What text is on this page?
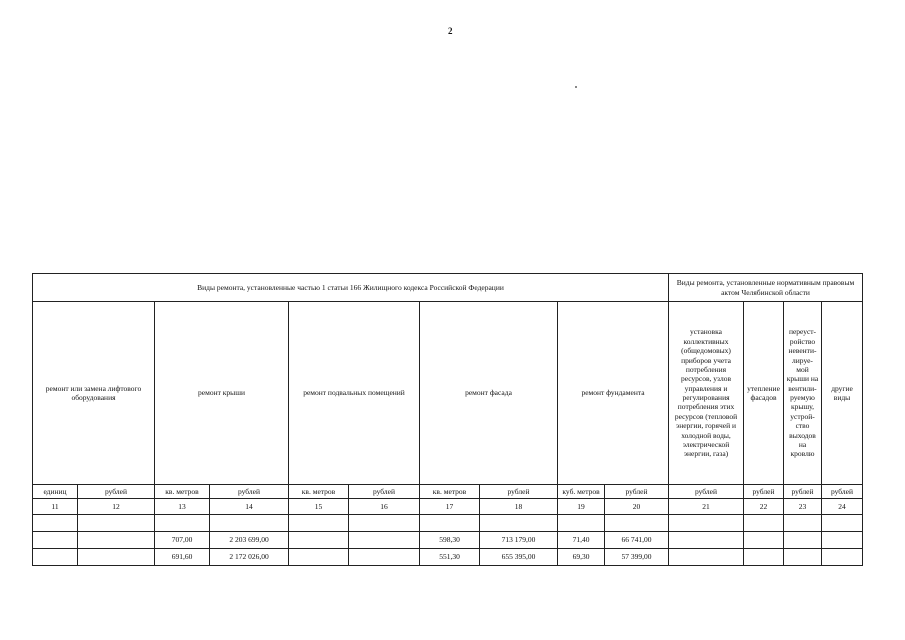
2
Виды ремонта, установленные частью 1 статьи 166 Жилищного кодекса Российской Федерации										Виды ремонта, установленные нормативным правовым актом Челябинской области			
ремонт или замена лифтового оборудования		ремонт крыши		ремонт подвальных помещений		ремонт фасада		ремонт фундамента		установка коллективных (общедомовых) приборов учета потребления ресурсов, узлов управления и регулирования потребления этих ресурсов (тепловой энергии, горячей и холодной воды, электрической энергии, газа)	утепление фасадов	переуст-ройство невенти-лируе-мой крыши на вентили-руемую крышу, устрой-ство выходов на кровлю	другие виды
единиц	рублей	кв. метров	рублей	кв. метров	рублей	кв. метров	рублей	куб. метров	рублей	рублей	рублей	рублей	рублей
11	12	13	14	15	16	17	18	19	20	21	22	23	24

		707,00	2 203 699,00			598,30	713 179,00	71,40	66 741,00				
		691,60	2 172 026,00			551,30	655 395,00	69,30	57 399,00				
